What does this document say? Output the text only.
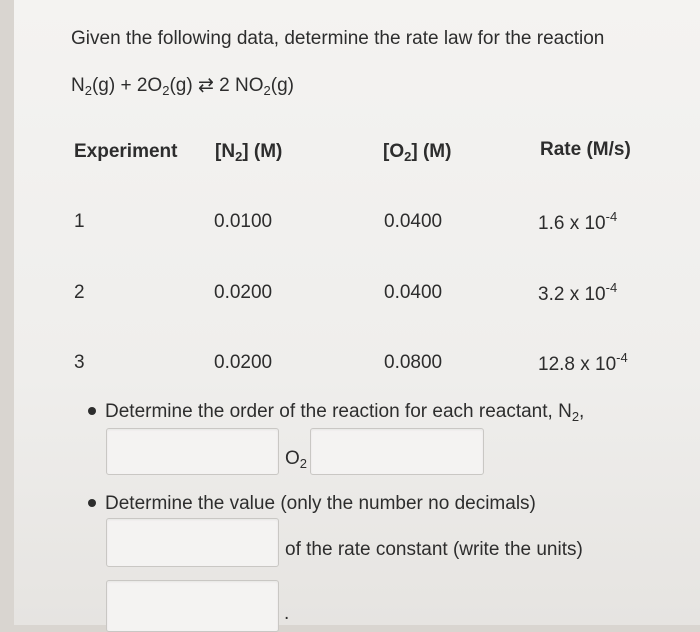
Given the following data, determine the rate law for the reaction
$N_2(g) + 2O_2(g)$ ⇄ 2 $NO_2(g)$
Experiment $[N_2]$ (M)	$[O_2]$ (M)	Rate (M/s)
1	0.0100	0.0400	1.6 x $10^{-4}$
2	0.0200	0.0400	3.2 x $10^{-4}$
3	0.0200	0.0800	12.8 x $10^{-4}$
Determine the order of the reaction for each reactant, $N_2$,
$O_2$
Determine the value (only the number no decimals)
of the rate constant (write the units)
.
